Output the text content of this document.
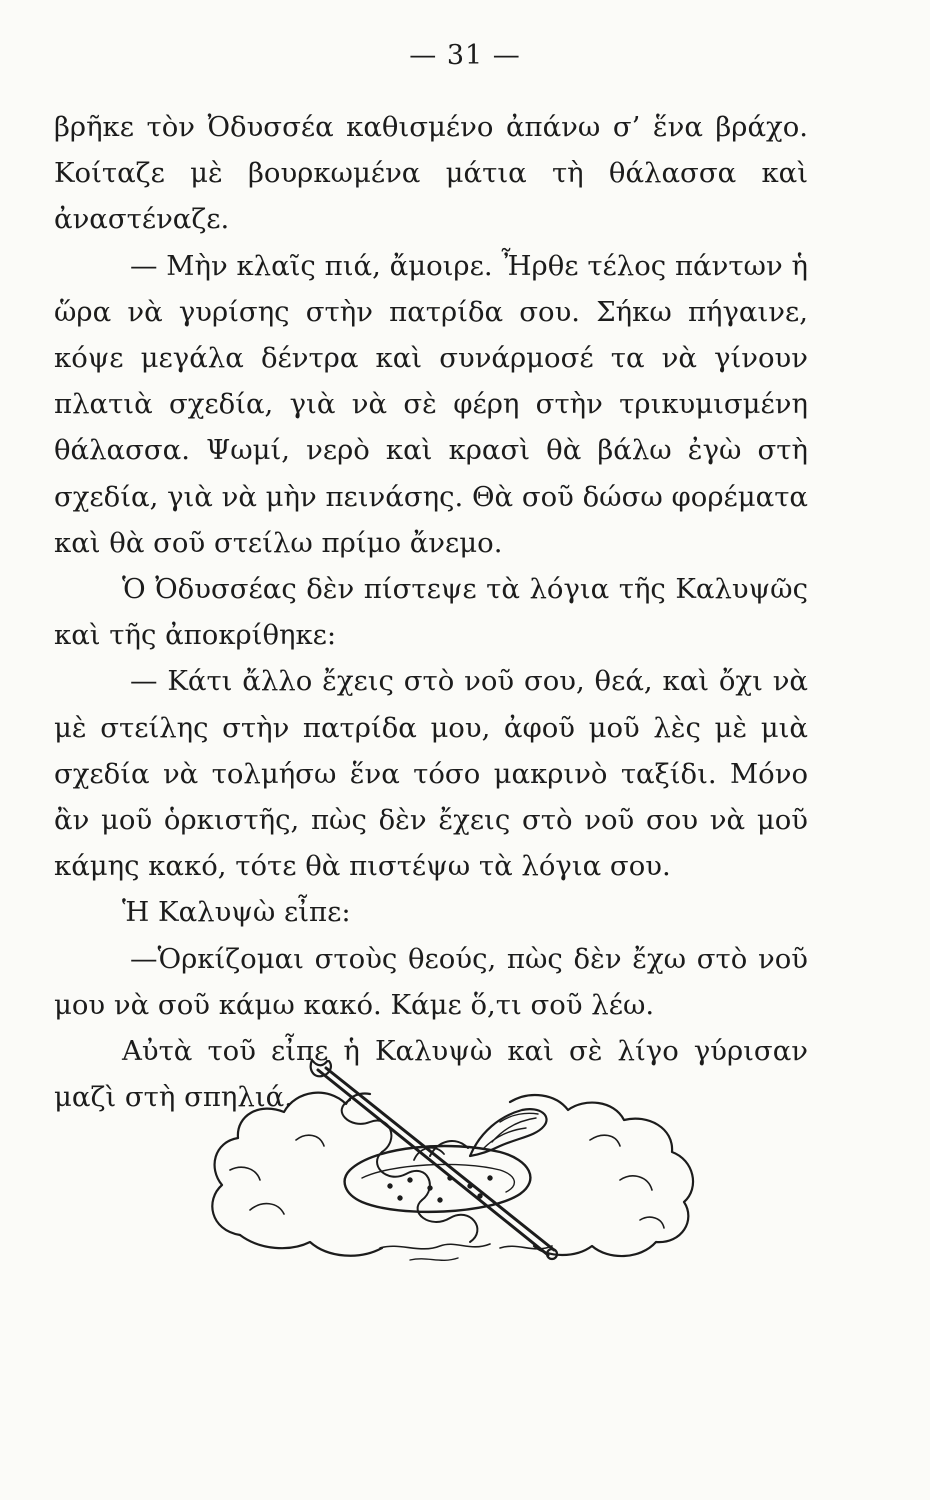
— 31 —

βρῆκε τὸν Ὀδυσσέα καθισμένο ἀπάνω σ’ ἕνα βράχο. Κοίταζε μὲ βουρκωμένα μάτια τὴ θάλασσα καὶ ἀναστέναζε.

— Μὴν κλαῖς πιά, ἄμοιρε. Ἦρθε τέλος πάντων ἡ ὥρα νὰ γυρίσης στὴν πατρίδα σου. Σήκω πήγαινε, κόψε μεγάλα δέντρα καὶ συνάρμοσέ τα νὰ γίνουν πλατιὰ σχεδία, γιὰ νὰ σὲ φέρη στὴν τρικυμισμένη θάλασσα. Ψωμί, νερὸ καὶ κρασὶ θὰ βάλω ἐγὼ στὴ σχεδία, γιὰ νὰ μὴν πεινάσης. Θὰ σοῦ δώσω φορέματα καὶ θὰ σοῦ στείλω πρίμο ἄνεμο.

Ὁ Ὀδυσσέας δὲν πίστεψε τὰ λόγια τῆς Καλυψῶς καὶ τῆς ἀποκρίθηκε:

— Κάτι ἄλλο ἔχεις στὸ νοῦ σου, θεά, καὶ ὄχι νὰ μὲ στείλης στὴν πατρίδα μου, ἀφοῦ μοῦ λὲς μὲ μιὰ σχεδία νὰ τολμήσω ἕνα τόσο μακρινὸ ταξίδι. Μόνο ἂν μοῦ ὁρκιστῆς, πὼς δὲν ἔχεις στὸ νοῦ σου νὰ μοῦ κάμης κακό, τότε θὰ πιστέψω τὰ λόγια σου.

Ἡ Καλυψὼ εἶπε:

—Ὁρκίζομαι στοὺς θεούς, πὼς δὲν ἔχω στὸ νοῦ μου νὰ σοῦ κάμω κακό. Κάμε ὅ,τι σοῦ λέω.

Αὐτὰ τοῦ εἶπε ἡ Καλυψὼ καὶ σὲ λίγο γύρισαν μαζὶ στὴ σπηλιά.
